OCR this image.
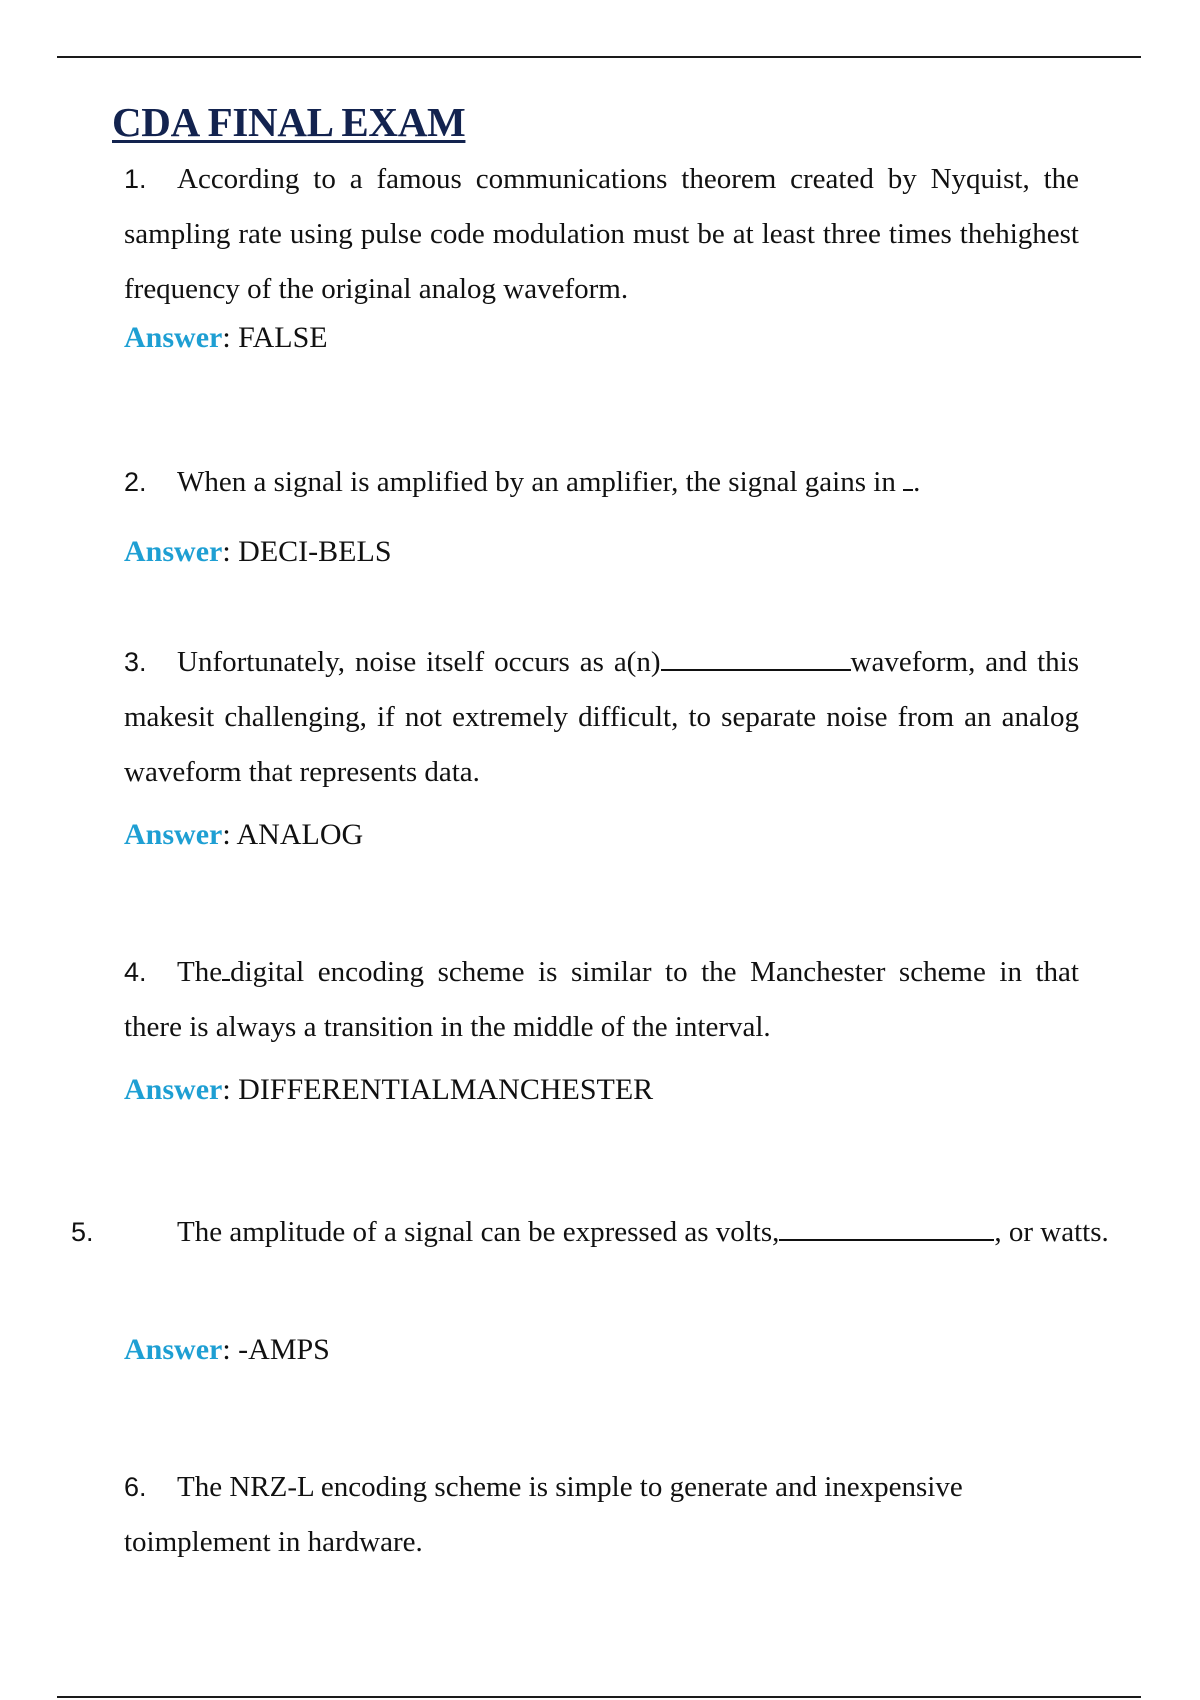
CDA FINAL EXAM

1. According to a famous communications theorem created by Nyquist, the sampling rate using pulse code modulation must be at least three times thehighest frequency of the original analog waveform.

Answer: FALSE

2. When a signal is amplified by an amplifier, the signal gains in .

Answer: DECI-BELS

3. Unfortunately, noise itself occurs as a(n)	waveform, and this makesit challenging, if not extremely difficult, to separate noise from an analog waveform that represents data.

Answer: ANALOG

4. The digital encoding scheme is similar to the Manchester scheme in that there is always a transition in the middle of the interval.

Answer: DIFFERENTIALMANCHESTER

5.	The amplitude of a signal can be expressed as volts,	, or watts.

Answer: -AMPS

6. The NRZ-L encoding scheme is simple to generate and inexpensive toimplement in hardware.
